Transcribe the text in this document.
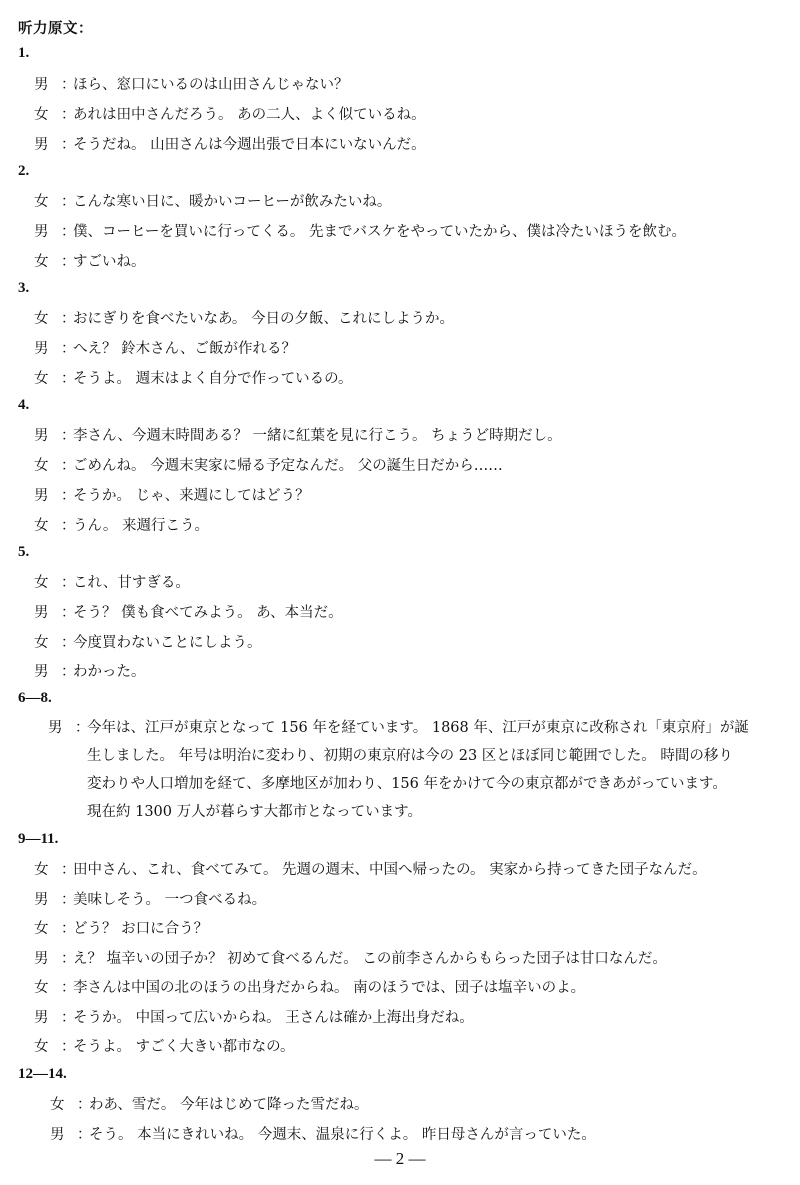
听力原文：
1.
男 ：ほら、窓口にいるのは山田さんじゃない？
女 ：あれは田中さんだろう。 あの二人、よく似ているね。
男 ：そうだね。 山田さんは今週出張で日本にいないんだ。
2.
女 ：こんな寒い日に、暖かいコーヒーが飲みたいね。
男 ：僕、コーヒーを買いに行ってくる。 先までバスケをやっていたから、僕は冷たいほうを飲む。
女 ：すごいね。
3.
女 ：おにぎりを食べたいなあ。 今日の夕飯、これにしようか。
男 ：へえ？ 鈴木さん、ご飯が作れる？
女 ：そうよ。 週末はよく自分で作っているの。
4.
男 ：李さん、今週末時間ある？ 一緒に紅葉を見に行こう。 ちょうど時期だし。
女 ：ごめんね。 今週末実家に帰る予定なんだ。 父の誕生日だから……
男 ：そうか。 じゃ、来週にしてはどう？
女 ：うん。 来週行こう。
5.
女 ：これ、甘すぎる。
男 ：そう？ 僕も食べてみよう。 あ、本当だ。
女 ：今度買わないことにしよう。
男 ：わかった。
6—8.
男 ：今年は、江戸が東京となって 156 年を経ています。 1868 年、江戸が東京に改称され「東京府」が誕
生しました。 年号は明治に変わり、初期の東京府は今の 23 区とほぼ同じ範囲でした。 時間の移り
変わりや人口増加を経て、多摩地区が加わり、156 年をかけて今の東京都ができあがっています。
現在約 1300 万人が暮らす大都市となっています。
9—11.
女 ：田中さん、これ、食べてみて。 先週の週末、中国へ帰ったの。 実家から持ってきた団子なんだ。
男 ：美味しそう。 一つ食べるね。
女 ：どう？ お口に合う？
男 ：え？ 塩辛いの団子か？ 初めて食べるんだ。 この前李さんからもらった団子は甘口なんだ。
女 ：李さんは中国の北のほうの出身だからね。 南のほうでは、団子は塩辛いのよ。
男 ：そうか。 中国って広いからね。 王さんは確か上海出身だね。
女 ：そうよ。 すごく大きい都市なの。
12—14.
女 ：わあ、雪だ。 今年はじめて降った雪だね。
男 ：そう。 本当にきれいね。 今週末、温泉に行くよ。 昨日母さんが言っていた。
— 2 —
